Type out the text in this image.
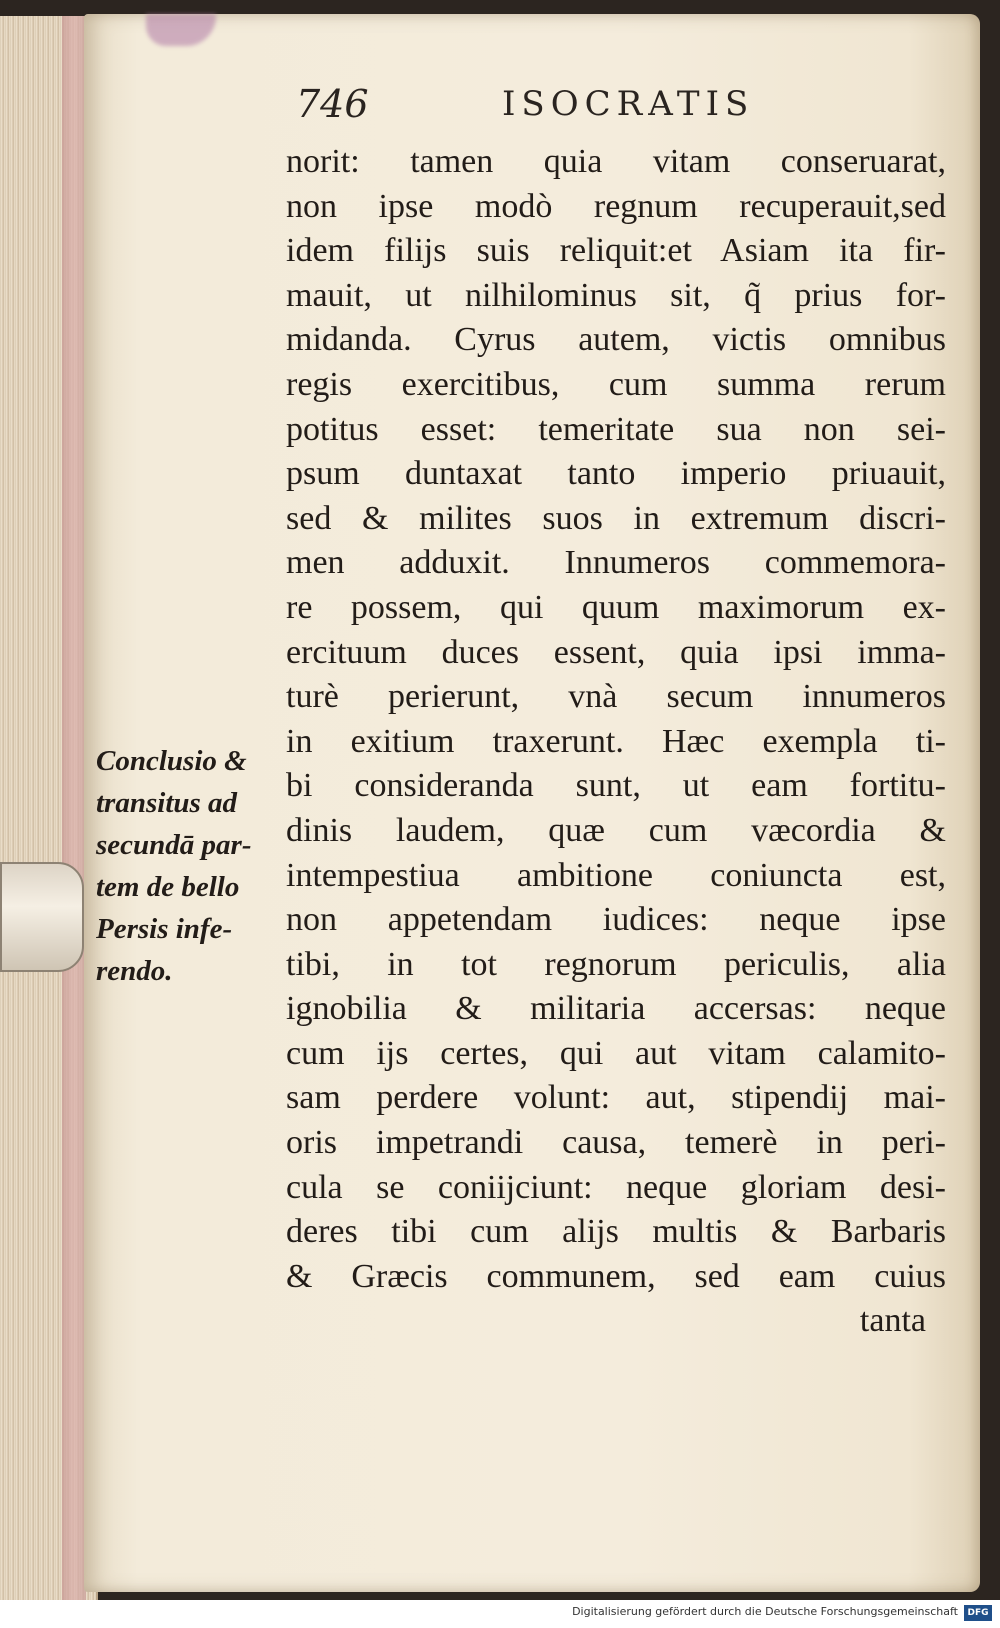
746	ISOCRATIS
norit: tamen quia vitam conseruarat,
non ipse modò regnum recuperauit,sed
idem filijs suis reliquit:et Asiam ita fir-
mauit, ut nilhilominus sit, q̃ prius for-
midanda. Cyrus autem, victis omnibus
regis exercitibus, cum summa rerum
potitus esset: temeritate sua non sei-
psum duntaxat tanto imperio priuauit,
sed & milites suos in extremum discri-
men adduxit. Innumeros commemora-
re possem, qui quum maximorum ex-
ercituum duces essent, quia ipsi imma-
turè perierunt, vnà secum innumeros
in exitium traxerunt. Hæc exempla ti-
bi consideranda sunt, ut eam fortitu-
dinis laudem, quæ cum væcordia &
intempestiua ambitione coniuncta est,
non appetendam iudices: neque ipse
tibi, in tot regnorum periculis, alia
ignobilia & militaria accersas: neque
cum ijs certes, qui aut vitam calamito-
sam perdere volunt: aut, stipendij mai-
oris impetrandi causa, temerè in peri-
cula se coniĳciunt: neque gloriam desi-
deres tibi cum alijs multis & Barbaris
& Græcis communem, sed eam cuius
tanta
Conclusio &
transitus ad
secundā par-
tem de bello
Persis infe-
rendo.
Digitalisierung gefördert durch die Deutsche Forschungsgemeinschaft	DFG
